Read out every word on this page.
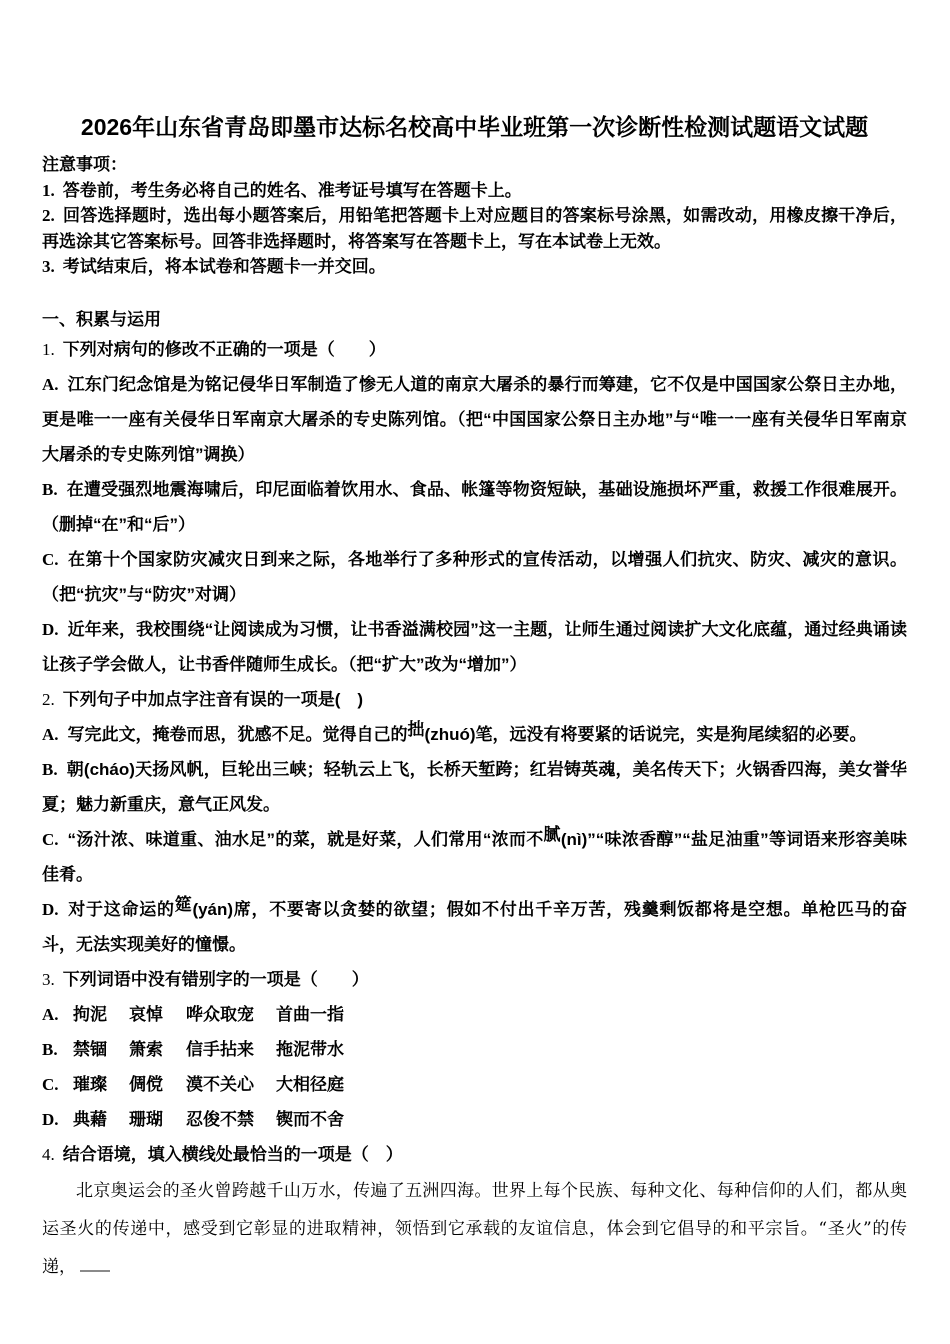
2026年山东省青岛即墨市达标名校高中毕业班第一次诊断性检测试题语文试题

注意事项：

1. 答卷前，考生务必将自己的姓名、准考证号填写在答题卡上。

2. 回答选择题时，选出每小题答案后，用铅笔把答题卡上对应题目的答案标号涂黑，如需改动，用橡皮擦干净后，再选涂其它答案标号。回答非选择题时，将答案写在答题卡上，写在本试卷上无效。

3. 考试结束后，将本试卷和答题卡一并交回。

一、积累与运用

1. 下列对病句的修改不正确的一项是（　　）

A. 江东门纪念馆是为铭记侵华日军制造了惨无人道的南京大屠杀的暴行而筹建，它不仅是中国国家公祭日主办地，更是唯一一座有关侵华日军南京大屠杀的专史陈列馆。（把“中国国家公祭日主办地”与“唯一一座有关侵华日军南京大屠杀的专史陈列馆”调换）

B. 在遭受强烈地震海啸后，印尼面临着饮用水、食品、帐篷等物资短缺，基础设施损坏严重，救援工作很难展开。（删掉“在”和“后”）

C. 在第十个国家防灾减灾日到来之际，各地举行了多种形式的宣传活动，以增强人们抗灾、防灾、减灾的意识。（把“抗灾”与“防灾”对调）

D. 近年来，我校围绕“让阅读成为习惯，让书香溢满校园”这一主题，让师生通过阅读扩大文化底蕴，通过经典诵读让孩子学会做人，让书香伴随师生成长。（把“扩大”改为“增加”）

2. 下列句子中加点字注音有误的一项是(　)

A. 写完此文，掩卷而思，犹感不足。觉得自己的拙(zhuó)笔，远没有将要紧的话说完，实是狗尾续貂的必要。

B. 朝(cháo)天扬风帆，巨轮出三峡；轻轨云上飞，长桥天堑跨；红岩铸英魂，美名传天下；火锅香四海，美女誉华夏；魅力新重庆，意气正风发。

C. “汤汁浓、味道重、油水足”的菜，就是好菜，人们常用“浓而不腻(nì)”“味浓香醇”“盐足油重”等词语来形容美味佳肴。

D. 对于这命运的筵(yán)席，不要寄以贪婪的欲望；假如不付出千辛万苦，残羹剩饭都将是空想。单枪匹马的奋斗，无法实现美好的憧憬。

3. 下列词语中没有错别字的一项是（　　）

A. 拘泥 哀悼 哗众取宠 首曲一指

B. 禁锢 箫索 信手拈来 拖泥带水

C. 璀璨 倜傥 漠不关心 大相径庭

D. 典藉 珊瑚 忍俊不禁 锲而不舍

4. 结合语境，填入横线处最恰当的一项是（　）

北京奥运会的圣火曾跨越千山万水，传遍了五洲四海。世界上每个民族、每种文化、每种信仰的人们，都从奥运圣火的传递中，感受到它彰显的进取精神，领悟到它承载的友谊信息，体会到它倡导的和平宗旨。“圣火”的传递，
